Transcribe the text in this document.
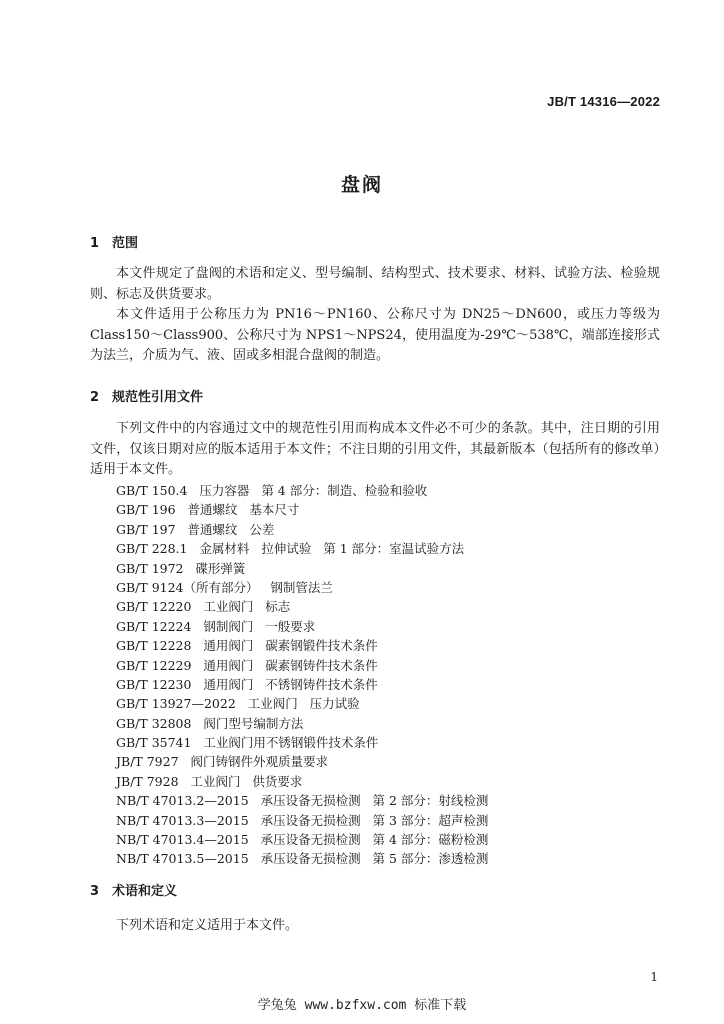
JB/T 14316—2022
盘阀
1 范围

本文件规定了盘阀的术语和定义、型号编制、结构型式、技术要求、材料、试验方法、检验规则、标志及供货要求。

本文件适用于公称压力为 PN16～PN160、公称尺寸为 DN25～DN600，或压力等级为 Class150～Class900、公称尺寸为 NPS1～NPS24，使用温度为-29℃～538℃，端部连接形式为法兰，介质为气、液、固或多相混合盘阀的制造。

2 规范性引用文件

下列文件中的内容通过文中的规范性引用而构成本文件必不可少的条款。其中，注日期的引用文件，仅该日期对应的版本适用于本文件；不注日期的引用文件，其最新版本（包括所有的修改单）适用于本文件。

GB/T 150.4   压力容器   第 4 部分：制造、检验和验收
GB/T 196   普通螺纹   基本尺寸
GB/T 197   普通螺纹   公差
GB/T 228.1   金属材料   拉伸试验   第 1 部分：室温试验方法
GB/T 1972   碟形弹簧
GB/T 9124（所有部分）   钢制管法兰
GB/T 12220   工业阀门   标志
GB/T 12224   钢制阀门   一般要求
GB/T 12228   通用阀门   碳素钢锻件技术条件
GB/T 12229   通用阀门   碳素钢铸件技术条件
GB/T 12230   通用阀门   不锈钢铸件技术条件
GB/T 13927—2022   工业阀门   压力试验
GB/T 32808   阀门型号编制方法
GB/T 35741   工业阀门用不锈钢锻件技术条件
JB/T 7927   阀门铸钢件外观质量要求
JB/T 7928   工业阀门   供货要求
NB/T 47013.2—2015   承压设备无损检测   第 2 部分：射线检测
NB/T 47013.3—2015   承压设备无损检测   第 3 部分：超声检测
NB/T 47013.4—2015   承压设备无损检测   第 4 部分：磁粉检测
NB/T 47013.5—2015   承压设备无损检测   第 5 部分：渗透检测
3 术语和定义

下列术语和定义适用于本文件。

1
学兔兔 www.bzfxw.com 标准下载
